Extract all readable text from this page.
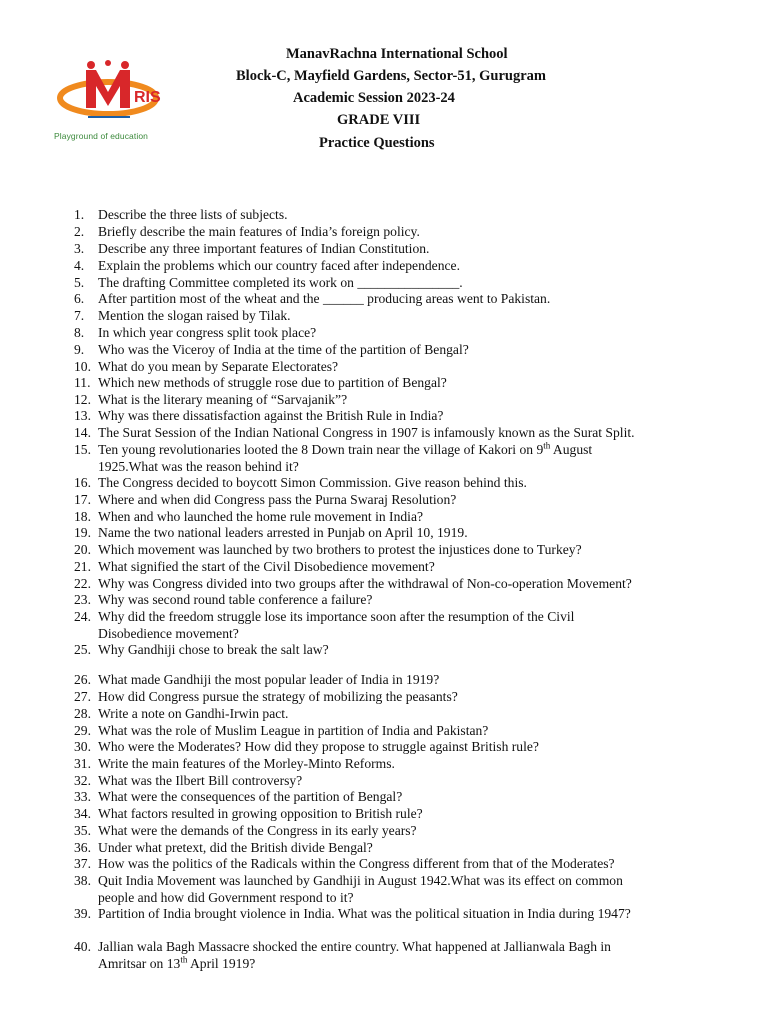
RIS
Playground of education
ManavRachna International School
Block-C, Mayfield Gardens, Sector-51, Gurugram
Academic Session 2023-24
GRADE VIII
Practice Questions
1. Describe the three lists of subjects.
2. Briefly describe the main features of India’s foreign policy.
3. Describe any three important features of Indian Constitution.
4. Explain the problems which our country faced after independence.
5. The drafting Committee completed its work on _______________.
6. After partition most of the wheat and the ______ producing areas went to Pakistan.
7. Mention the slogan raised by Tilak.
8. In which year congress split took place?
9. Who was the Viceroy of India at the time of the partition of Bengal?
10. What do you mean by Separate Electorates?
11. Which new methods of struggle rose due to partition of Bengal?
12. What is the literary meaning of “Sarvajanik”?
13. Why was there dissatisfaction against the British Rule in India?
14. The Surat Session of the Indian National Congress in 1907 is infamously known as the Surat Split.
15. Ten young revolutionaries looted the 8 Down train near the village of Kakori on 9th August
1925.What was the reason behind it?
16. The Congress decided to boycott Simon Commission. Give reason behind this.
17. Where and when did Congress pass the Purna Swaraj Resolution?
18. When and who launched the home rule movement in India?
19. Name the two national leaders arrested in Punjab on April 10, 1919.
20. Which movement was launched by two brothers to protest the injustices done to Turkey?
21. What signified the start of the Civil Disobedience movement?
22. Why was Congress divided into two groups after the withdrawal of Non-co-operation Movement?
23. Why was second round table conference a failure?
24. Why did the freedom struggle lose its importance soon after the resumption of the Civil
Disobedience movement?
25. Why Gandhiji chose to break the salt law?
26. What made Gandhiji the most popular leader of India in 1919?
27. How did Congress pursue the strategy of mobilizing the peasants?
28. Write a note on Gandhi-Irwin pact.
29. What was the role of Muslim League in partition of India and Pakistan?
30. Who were the Moderates? How did they propose to struggle against British rule?
31.Write the main features of the Morley-Minto Reforms.
32. What was the Ilbert Bill controversy?
33. What were the consequences of the partition of Bengal?
34. What factors resulted in growing opposition to British rule?
35. What were the demands of the Congress in its early years?
36. Under what pretext, did the British divide Bengal?
37. How was the politics of the Radicals within the Congress different from that of the Moderates?
38. Quit India Movement was launched by Gandhiji in August 1942.What was its effect on common
people and how did Government respond to it?
39. Partition of India brought violence in India. What was the political situation in India during 1947?
40. Jallian wala Bagh Massacre shocked the entire country. What happened at Jallianwala Bagh in
Amritsar on 13th April 1919?
